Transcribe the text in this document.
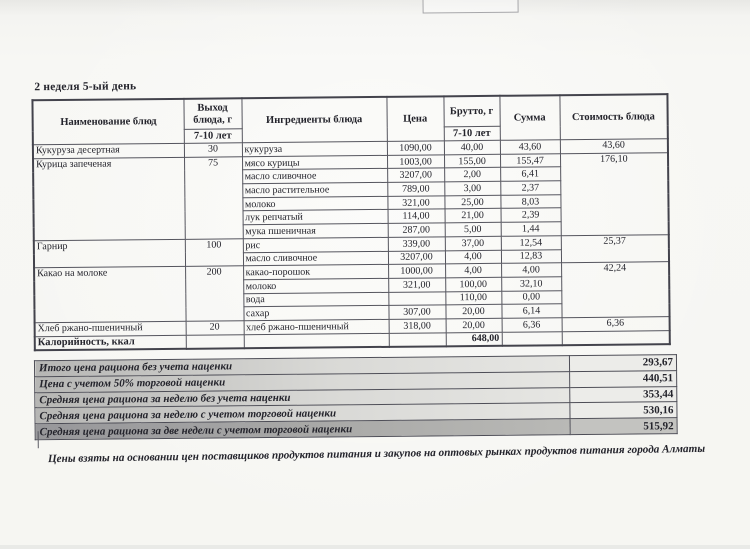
2 неделя 5-ый день
Наименование блюд	Выход блюда, г	Ингредиенты блюда	Цена	Брутто, г	Сумма	Стоимость блюда
	7-10 лет			7-10 лет		
Кукуруза десертная	30	кукуруза	1090,00	40,00	43,60	43,60
Курица запеченая	75	мясо курицы	1003,00	155,00	155,47	176,10
		масло сливочное	3207,00	2,00	6,41	
		масло растительное	789,00	3,00	2,37	
		молоко	321,00	25,00	8,03	
		лук репчатый	114,00	21,00	2,39	
		мука пшеничная	287,00	5,00	1,44	
Гарнир	100	рис	339,00	37,00	12,54	25,37
		масло сливочное	3207,00	4,00	12,83	
Какао на молоке	200	какао-порошок	1000,00	4,00	4,00	42,24
		молоко	321,00	100,00	32,10	
		вода		110,00	0,00	
		сахар	307,00	20,00	6,14	
Хлеб ржано-пшеничный	20	хлеб ржано-пшеничный	318,00	20,00	6,36	6,36
Калорийность, ккал				648,00		
Итого цена рациона без учета наценки	293,67
Цена с учетом 50% торговой наценки	440,51
Средняя цена рациона за неделю без учета наценки	353,44
Средняя цена рациона за неделю с учетом торговой наценки	530,16
Средняя цена рациона за две недели с учетом торговой наценки	515,92
Цены взяты на основании цен поставщиков продуктов питания и закупов на оптовых рынках продуктов питания города Алматы
